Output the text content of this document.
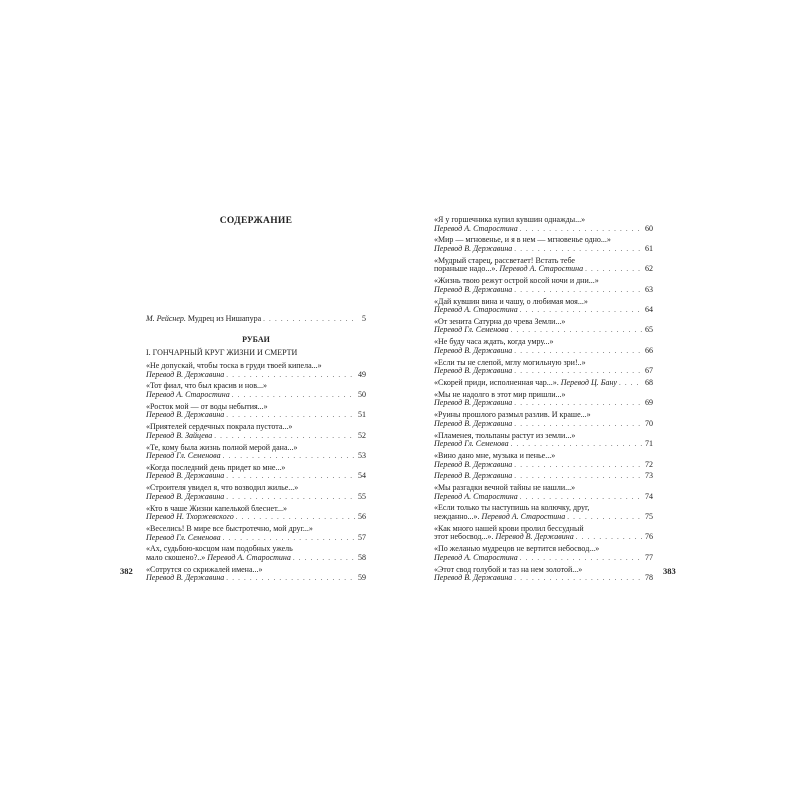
СОДЕРЖАНИЕ
М. Рейснер. Мудрец из Нишапура . . .	5
РУБАИ
I. ГОНЧАРНЫЙ КРУГ ЖИЗНИ И СМЕРТИ
«Не допускай, чтобы тоска в груди твоей кипела...»
Перевод В. Державина . . .	49
«Тот фиал, что был красив и нов...»
Перевод А. Старостина . . .	50
«Росток мой — от воды небытия...»
Перевод В. Державина . . .	51
«Приятелей сердечных покрала пустота...»
Перевод В. Зайцева . . .	52
«Те, кому была жизнь полной мерой дана...»
Перевод Гл. Семенова . . .	53
«Когда последний день придет ко мне...»
Перевод В. Державина . . .	54
«Строителя увидел я, что возводил жилье...»
Перевод В. Державина . . .	55
«Кто в чаше Жизни капелькой блеснет...»
Перевод Н. Тхоржевского . . .	56
«Веселись! В мире все быстротечно, мой друг...»
Перевод Гл. Семенова . . .	57
«Ах, судьбою-косцом нам подобных ужель
мало скошено?..» Перевод А. Старостина . . .	58
«Сотрутся со скрижалей имена...»
Перевод В. Державина . . .	59
382
«Я у горшечника купил кувшин однажды...»
Перевод А. Старостина . . .	60
«Мир — мгновенье, и я в нем — мгновенье одно...»
Перевод В. Державина . . .	61
«Мудрый старец, рассветает! Встать тебе
пораньше надо...». Перевод А. Старостина . . .	62
«Жизнь твою режут острой косой ночи и дни...»
Перевод В. Державина . . .	63
«Дай кувшин вина и чашу, о любимая моя...»
Перевод А. Старостина . . .	64
«От зенита Сатурна до чрева Земли...»
Перевод Гл. Семенова . . .	65
«Не буду часа ждать, когда умру...»
Перевод В. Державина . . .	66
«Если ты не слепой, мглу могильную зри!..»
Перевод В. Державина . . .	67
«Скорей приди, исполненная чар...». Перевод Ц. Бану . . .	68
«Мы не надолго в этот мир пришли...»
Перевод В. Державина . . .	69
«Руины прошлого размыл разлив. И краше...»
Перевод В. Державина . . .	70
«Пламенея, тюльпаны растут из земли...»
Перевод Гл. Семенова . . .	71
«Вино дано мне, музыка и пенье...»
Перевод В. Державина . . .	72
Перевод В. Державина . . .	73
«Мы разгадки вечной тайны не нашли...»
Перевод А. Старостина . . .	74
«Если только ты наступишь на колючку, друг,
нежданно...». Перевод А. Старостина . . .	75
«Как много нашей крови пролил бесcудный
этот небосвод...». Перевод В. Державина . . .	76
«По желанью мудрецов не вертится небосвод...»
Перевод А. Старостина . . .	77
«Этот свод голубой и таз на нем золотой...»
Перевод В. Державина . . .	78
383
